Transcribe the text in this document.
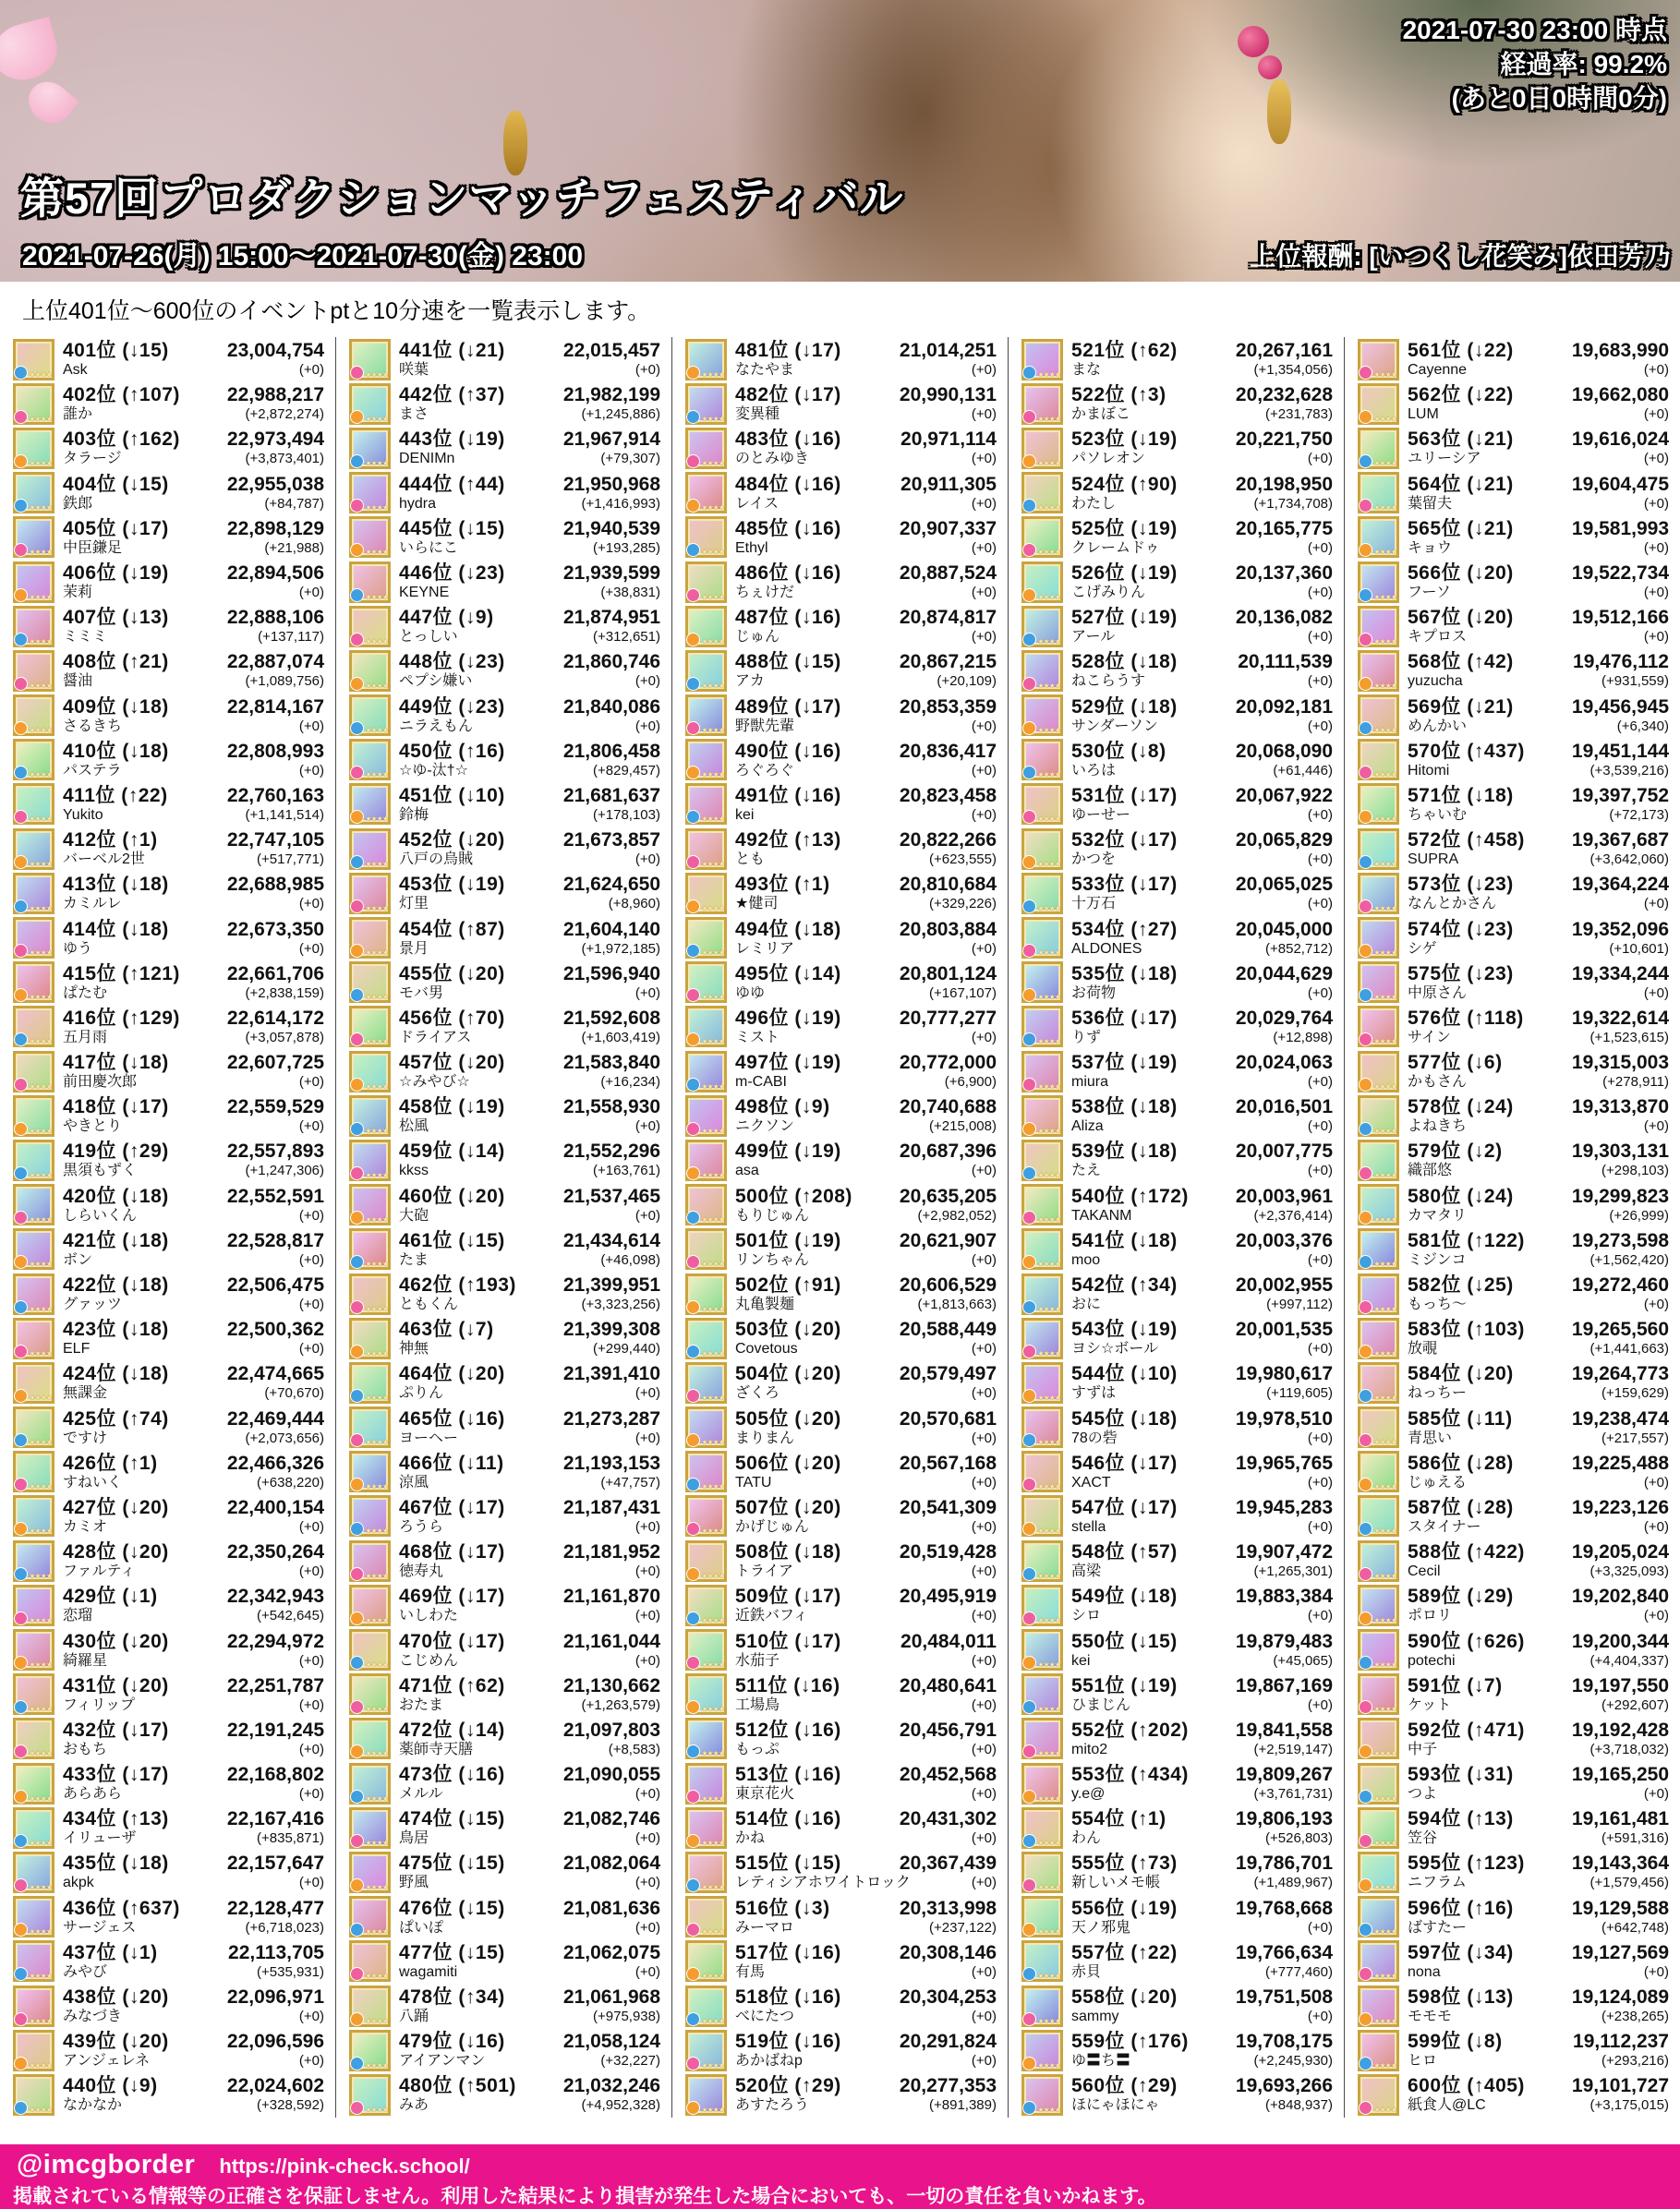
2021-07-30 23:00 時点
経過率: 99.2%
(あと0日0時間0分)
第57回プロダクションマッチフェスティバル
2021-07-26(月) 15:00～2021-07-30(金) 23:00	上位報酬: [いつくし花笑み]依田芳乃
上位401位～600位のイベントptと10分速を一覧表示します。
★★★★
401位 (↓15)	23,004,754
Ask	(+0)
★★★★
402位 (↑107) 22,988,217
誰か	(+2,872,274)
★★★★
403位 (↑162) 22,973,494
タラージ	(+3,873,401)
★★★★
404位 (↓15)	22,955,038
鉄郎	(+84,787)
★★★★
405位 (↓17)	22,898,129
中臣鎌足	(+21,988)
★★★★
406位 (↓19)	22,894,506
茉莉	(+0)
★★★★
407位 (↓13)	22,888,106
ミミミ	(+137,117)
★★★★
408位 (↑21)	22,887,074
醤油	(+1,089,756)
★★★★
409位 (↓18)	22,814,167
さるきち	(+0)
★★★★
410位 (↓18)	22,808,993
パステラ	(+0)
★★★★
411位 (↑22)	22,760,163
Yukito	(+1,141,514)
★★★★
412位 (↑1)	22,747,105
バーベル2世	(+517,771)
★★★★
413位 (↓18)	22,688,985
カミルレ	(+0)
★★★★
414位 (↓18)	22,673,350
ゆう	(+0)
★★★★
415位 (↑121) 22,661,706
ぱたむ	(+2,838,159)
★★★★
416位 (↑129) 22,614,172
五月雨	(+3,057,878)
★★★★
417位 (↓18)	22,607,725
前田慶次郎	(+0)
★★★★
418位 (↓17)	22,559,529
やきとり	(+0)
★★★★
419位 (↑29)	22,557,893
黒須もずく	(+1,247,306)
★★★★
420位 (↓18)	22,552,591
しらいくん	(+0)
★★★★
421位 (↓18)	22,528,817
ボン	(+0)
★★★★
422位 (↓18)	22,506,475
グァッツ	(+0)
★★★★
423位 (↓18)	22,500,362
ELF	(+0)
★★★★
424位 (↓18)	22,474,665
無課金	(+70,670)
★★★★
425位 (↑74)	22,469,444
ですけ	(+2,073,656)
★★★★
426位 (↑1)	22,466,326
すねいく	(+638,220)
★★★★
427位 (↓20)	22,400,154
カミオ	(+0)
★★★★
428位 (↓20)	22,350,264
ファルティ	(+0)
★★★★
429位 (↓1)	22,342,943
恋瑠	(+542,645)
★★★★
430位 (↓20)	22,294,972
綺羅星	(+0)
★★★★
431位 (↓20)	22,251,787
フィリップ	(+0)
★★★★
432位 (↓17)	22,191,245
おもち	(+0)
★★★★
433位 (↓17)	22,168,802
あらあら	(+0)
★★★★
434位 (↑13)	22,167,416
イリューザ	(+835,871)
★★★★
435位 (↓18)	22,157,647
akpk	(+0)
★★★★
436位 (↑637) 22,128,477
サージェス	(+6,718,023)
★★★★
437位 (↓1)	22,113,705
みやび	(+535,931)
★★★★
438位 (↓20)	22,096,971
みなづき	(+0)
★★★★
439位 (↓20)	22,096,596
アンジェレネ	(+0)
★★★★
440位 (↓9)	22,024,602
なかなか	(+328,592)
★★★★
441位 (↓21)	22,015,457
咲葉	(+0)
★★★★
442位 (↑37)	21,982,199
まさ	(+1,245,886)
★★★★
443位 (↓19)	21,967,914
DENIMn	(+79,307)
★★★★
444位 (↑44)	21,950,968
hydra	(+1,416,993)
★★★★
445位 (↓15)	21,940,539
いらにこ	(+193,285)
★★★★
446位 (↓23)	21,939,599
KEYNE	(+38,831)
★★★★
447位 (↓9)	21,874,951
とっしい	(+312,651)
★★★★
448位 (↓23)	21,860,746
ペプシ嫌い	(+0)
★★★★
449位 (↓23)	21,840,086
ニラえもん	(+0)
★★★★
450位 (↑16)	21,806,458
☆ゆ-汰†☆	(+829,457)
★★★★
451位 (↓10)	21,681,637
鈴梅	(+178,103)
★★★★
452位 (↓20)	21,673,857
八戸の烏賊	(+0)
★★★★
453位 (↓19)	21,624,650
灯里	(+8,960)
★★★★
454位 (↑87)	21,604,140
景月	(+1,972,185)
★★★★
455位 (↓20)	21,596,940
モバ男	(+0)
★★★★
456位 (↑70)	21,592,608
ドライアス	(+1,603,419)
★★★★
457位 (↓20)	21,583,840
☆みやび☆	(+16,234)
★★★★
458位 (↓19)	21,558,930
松風	(+0)
★★★★
459位 (↓14)	21,552,296
kkss	(+163,761)
★★★★
460位 (↓20)	21,537,465
大砲	(+0)
★★★★
461位 (↓15)	21,434,614
たま	(+46,098)
★★★★
462位 (↑193) 21,399,951
ともくん	(+3,323,256)
★★★★
463位 (↓7)	21,399,308
神無	(+299,440)
★★★★
464位 (↓20)	21,391,410
ぷりん	(+0)
★★★★
465位 (↓16)	21,273,287
ヨーヘー	(+0)
★★★★
466位 (↓11)	21,193,153
涼風	(+47,757)
★★★★
467位 (↓17)	21,187,431
ろうら	(+0)
★★★★
468位 (↓17)	21,181,952
徳寿丸	(+0)
★★★★
469位 (↓17)	21,161,870
いしわた	(+0)
★★★★
470位 (↓17)	21,161,044
こじめん	(+0)
★★★★
471位 (↑62)	21,130,662
おたま	(+1,263,579)
★★★★
472位 (↓14)	21,097,803
薬師寺天膳	(+8,583)
★★★★
473位 (↓16)	21,090,055
メルル	(+0)
★★★★
474位 (↓15)	21,082,746
鳥居	(+0)
★★★★
475位 (↓15)	21,082,064
野風	(+0)
★★★★
476位 (↓15)	21,081,636
ぱいぽ	(+0)
★★★★
477位 (↓15)	21,062,075
wagamiti	(+0)
★★★★
478位 (↑34)	21,061,968
八踊	(+975,938)
★★★★
479位 (↓16)	21,058,124
アイアンマン	(+32,227)
★★★★
480位 (↑501) 21,032,246
みあ	(+4,952,328)
★★★★
481位 (↓17)	21,014,251
なたやま	(+0)
★★★★
482位 (↓17)	20,990,131
変異種	(+0)
★★★★
483位 (↓16)	20,971,114
のとみゆき	(+0)
★★★★
484位 (↓16)	20,911,305
レイス	(+0)
★★★★
485位 (↓16)	20,907,337
Ethyl	(+0)
★★★★
486位 (↓16)	20,887,524
ちぇけだ	(+0)
★★★★
487位 (↓16)	20,874,817
じゅん	(+0)
★★★★
488位 (↓15)	20,867,215
アカ	(+20,109)
★★★★
489位 (↓17)	20,853,359
野獣先輩	(+0)
★★★★
490位 (↓16)	20,836,417
ろぐろぐ	(+0)
★★★★
491位 (↓16)	20,823,458
kei	(+0)
★★★★
492位 (↑13)	20,822,266
とも	(+623,555)
★★★★
493位 (↑1)	20,810,684
★健司	(+329,226)
★★★★
494位 (↓18)	20,803,884
レミリア	(+0)
★★★★
495位 (↓14)	20,801,124
ゆゆ	(+167,107)
★★★★
496位 (↓19)	20,777,277
ミスト	(+0)
★★★★
497位 (↓19)	20,772,000
m-CABI	(+6,900)
★★★★
498位 (↓9)	20,740,688
ニクソン	(+215,008)
★★★★
499位 (↓19)	20,687,396
asa	(+0)
★★★★
500位 (↑208) 20,635,205
もりじゅん	(+2,982,052)
★★★★
501位 (↓19)	20,621,907
リンちゃん	(+0)
★★★★
502位 (↑91)	20,606,529
丸亀製麺	(+1,813,663)
★★★★
503位 (↓20)	20,588,449
Covetous	(+0)
★★★★
504位 (↓20)	20,579,497
ざくろ	(+0)
★★★★
505位 (↓20)	20,570,681
まりまん	(+0)
★★★★
506位 (↓20)	20,567,168
TATU	(+0)
★★★★
507位 (↓20)	20,541,309
かげじゅん	(+0)
★★★★
508位 (↓18)	20,519,428
トライア	(+0)
★★★★
509位 (↓17)	20,495,919
近鉄バフィ	(+0)
★★★★
510位 (↓17)	20,484,011
水茄子	(+0)
★★★★
511位 (↓16)	20,480,641
工場鳥	(+0)
★★★★
512位 (↓16)	20,456,791
もっぷ	(+0)
★★★★
513位 (↓16)	20,452,568
東京花火	(+0)
★★★★
514位 (↓16)	20,431,302
かね	(+0)
★★★★
515位 (↓15)	20,367,439
レティシアホワイトロック	(+0)
★★★★
516位 (↓3)	20,313,998
みーマロ	(+237,122)
★★★★
517位 (↓16)	20,308,146
有馬	(+0)
★★★★
518位 (↓16)	20,304,253
べにたつ	(+0)
★★★★
519位 (↓16)	20,291,824
あかばねp	(+0)
★★★★
520位 (↑29)	20,277,353
あすたろう	(+891,389)
★★★★
521位 (↑62)	20,267,161
まな	(+1,354,056)
★★★★
522位 (↑3)	20,232,628
かまぼこ	(+231,783)
★★★★
523位 (↓19)	20,221,750
パソレオン	(+0)
★★★★
524位 (↑90)	20,198,950
わたし	(+1,734,708)
★★★★
525位 (↓19)	20,165,775
クレームドゥ	(+0)
★★★★
526位 (↓19)	20,137,360
こげみりん	(+0)
★★★★
527位 (↓19)	20,136,082
アール	(+0)
★★★★
528位 (↓18)	20,111,539
ねこらうす	(+0)
★★★★
529位 (↓18)	20,092,181
サンダーソン	(+0)
★★★★
530位 (↓8)	20,068,090
いろは	(+61,446)
★★★★
531位 (↓17)	20,067,922
ゆーせー	(+0)
★★★★
532位 (↓17)	20,065,829
かつを	(+0)
★★★★
533位 (↓17)	20,065,025
十万石	(+0)
★★★★
534位 (↑27)	20,045,000
ALDONES	(+852,712)
★★★★
535位 (↓18)	20,044,629
お荷物	(+0)
★★★★
536位 (↓17)	20,029,764
りず	(+12,898)
★★★★
537位 (↓19)	20,024,063
miura	(+0)
★★★★
538位 (↓18)	20,016,501
Aliza	(+0)
★★★★
539位 (↓18)	20,007,775
たえ	(+0)
★★★★
540位 (↑172) 20,003,961
TAKANM	(+2,376,414)
★★★★
541位 (↓18)	20,003,376
moo	(+0)
★★★★
542位 (↑34)	20,002,955
おに	(+997,112)
★★★★
543位 (↓19)	20,001,535
ヨシ☆ボール	(+0)
★★★★
544位 (↓10)	19,980,617
すずは	(+119,605)
★★★★
545位 (↓18)	19,978,510
78の砦	(+0)
★★★★
546位 (↓17)	19,965,765
XACT	(+0)
★★★★
547位 (↓17)	19,945,283
stella	(+0)
★★★★
548位 (↑57)	19,907,472
高梁	(+1,265,301)
★★★★
549位 (↓18)	19,883,384
シロ	(+0)
★★★★
550位 (↓15)	19,879,483
kei	(+45,065)
★★★★
551位 (↓19)	19,867,169
ひまじん	(+0)
★★★★
552位 (↑202) 19,841,558
mito2	(+2,519,147)
★★★★
553位 (↑434) 19,809,267
y.e@	(+3,761,731)
★★★★
554位 (↑1)	19,806,193
わん	(+526,803)
★★★★
555位 (↑73)	19,786,701
新しいメモ帳	(+1,489,967)
★★★★
556位 (↓19)	19,768,668
天ノ邪鬼	(+0)
★★★★
557位 (↑22)	19,766,634
赤貝	(+777,460)
★★★★
558位 (↓20)	19,751,508
sammy	(+0)
★★★★
559位 (↑176) 19,708,175
ゆ〓ち〓	(+2,245,930)
★★★★
560位 (↑29)	19,693,266
ほにゃほにゃ	(+848,937)
★★★★
561位 (↓22)	19,683,990
Cayenne	(+0)
★★★★
562位 (↓22)	19,662,080
LUM	(+0)
★★★★
563位 (↓21)	19,616,024
ユリーシア	(+0)
★★★★
564位 (↓21)	19,604,475
葉留夫	(+0)
★★★★
565位 (↓21)	19,581,993
キョウ	(+0)
★★★★
566位 (↓20)	19,522,734
フーソ	(+0)
★★★★
567位 (↓20)	19,512,166
キプロス	(+0)
★★★★
568位 (↑42)	19,476,112
yuzucha	(+931,559)
★★★★
569位 (↓21)	19,456,945
めんかい	(+6,340)
★★★★
570位 (↑437) 19,451,144
Hitomi	(+3,539,216)
★★★★
571位 (↓18)	19,397,752
ちゃいむ	(+72,173)
★★★★
572位 (↑458) 19,367,687
SUPRA	(+3,642,060)
★★★★
573位 (↓23)	19,364,224
なんとかさん	(+0)
★★★★
574位 (↓23)	19,352,096
シゲ	(+10,601)
★★★★
575位 (↓23)	19,334,244
中原さん	(+0)
★★★★
576位 (↑118) 19,322,614
サイン	(+1,523,615)
★★★★
577位 (↓6)	19,315,003
かもさん	(+278,911)
★★★★
578位 (↓24)	19,313,870
よねきち	(+0)
★★★★
579位 (↓2)	19,303,131
織部悠	(+298,103)
★★★★
580位 (↓24)	19,299,823
カマタリ	(+26,999)
★★★★
581位 (↑122) 19,273,598
ミジンコ	(+1,562,420)
★★★★
582位 (↓25)	19,272,460
もっち～	(+0)
★★★★
583位 (↑103) 19,265,560
放覗	(+1,441,663)
★★★★
584位 (↓20)	19,264,773
ねっちー	(+159,629)
★★★★
585位 (↓11)	19,238,474
青思い	(+217,557)
★★★★
586位 (↓28)	19,225,488
じゅえる	(+0)
★★★★
587位 (↓28)	19,223,126
スタイナー	(+0)
★★★★
588位 (↑422) 19,205,024
Cecil	(+3,325,093)
★★★★
589位 (↓29)	19,202,840
ポロリ	(+0)
★★★★
590位 (↑626) 19,200,344
potechi	(+4,404,337)
★★★★
591位 (↓7)	19,197,550
ケット	(+292,607)
★★★★
592位 (↑471) 19,192,428
中子	(+3,718,032)
★★★★
593位 (↓31)	19,165,250
つよ	(+0)
★★★★
594位 (↑13)	19,161,481
笠谷	(+591,316)
★★★★
595位 (↑123) 19,143,364
ニフラム	(+1,579,456)
★★★★
596位 (↑16)	19,129,588
ばすたー	(+642,748)
★★★★
597位 (↓34)	19,127,569
nona	(+0)
★★★★
598位 (↓13)	19,124,089
モモモ	(+238,265)
★★★★
599位 (↓8)	19,112,237
ヒロ	(+293,216)
★★★★
600位 (↑405) 19,101,727
紙食人@LC	(+3,175,015)
@imcgborder https://pink-check.school/
掲載されている情報等の正確さを保証しません。利用した結果により損害が発生した場合においても、一切の責任を負いかねます。
